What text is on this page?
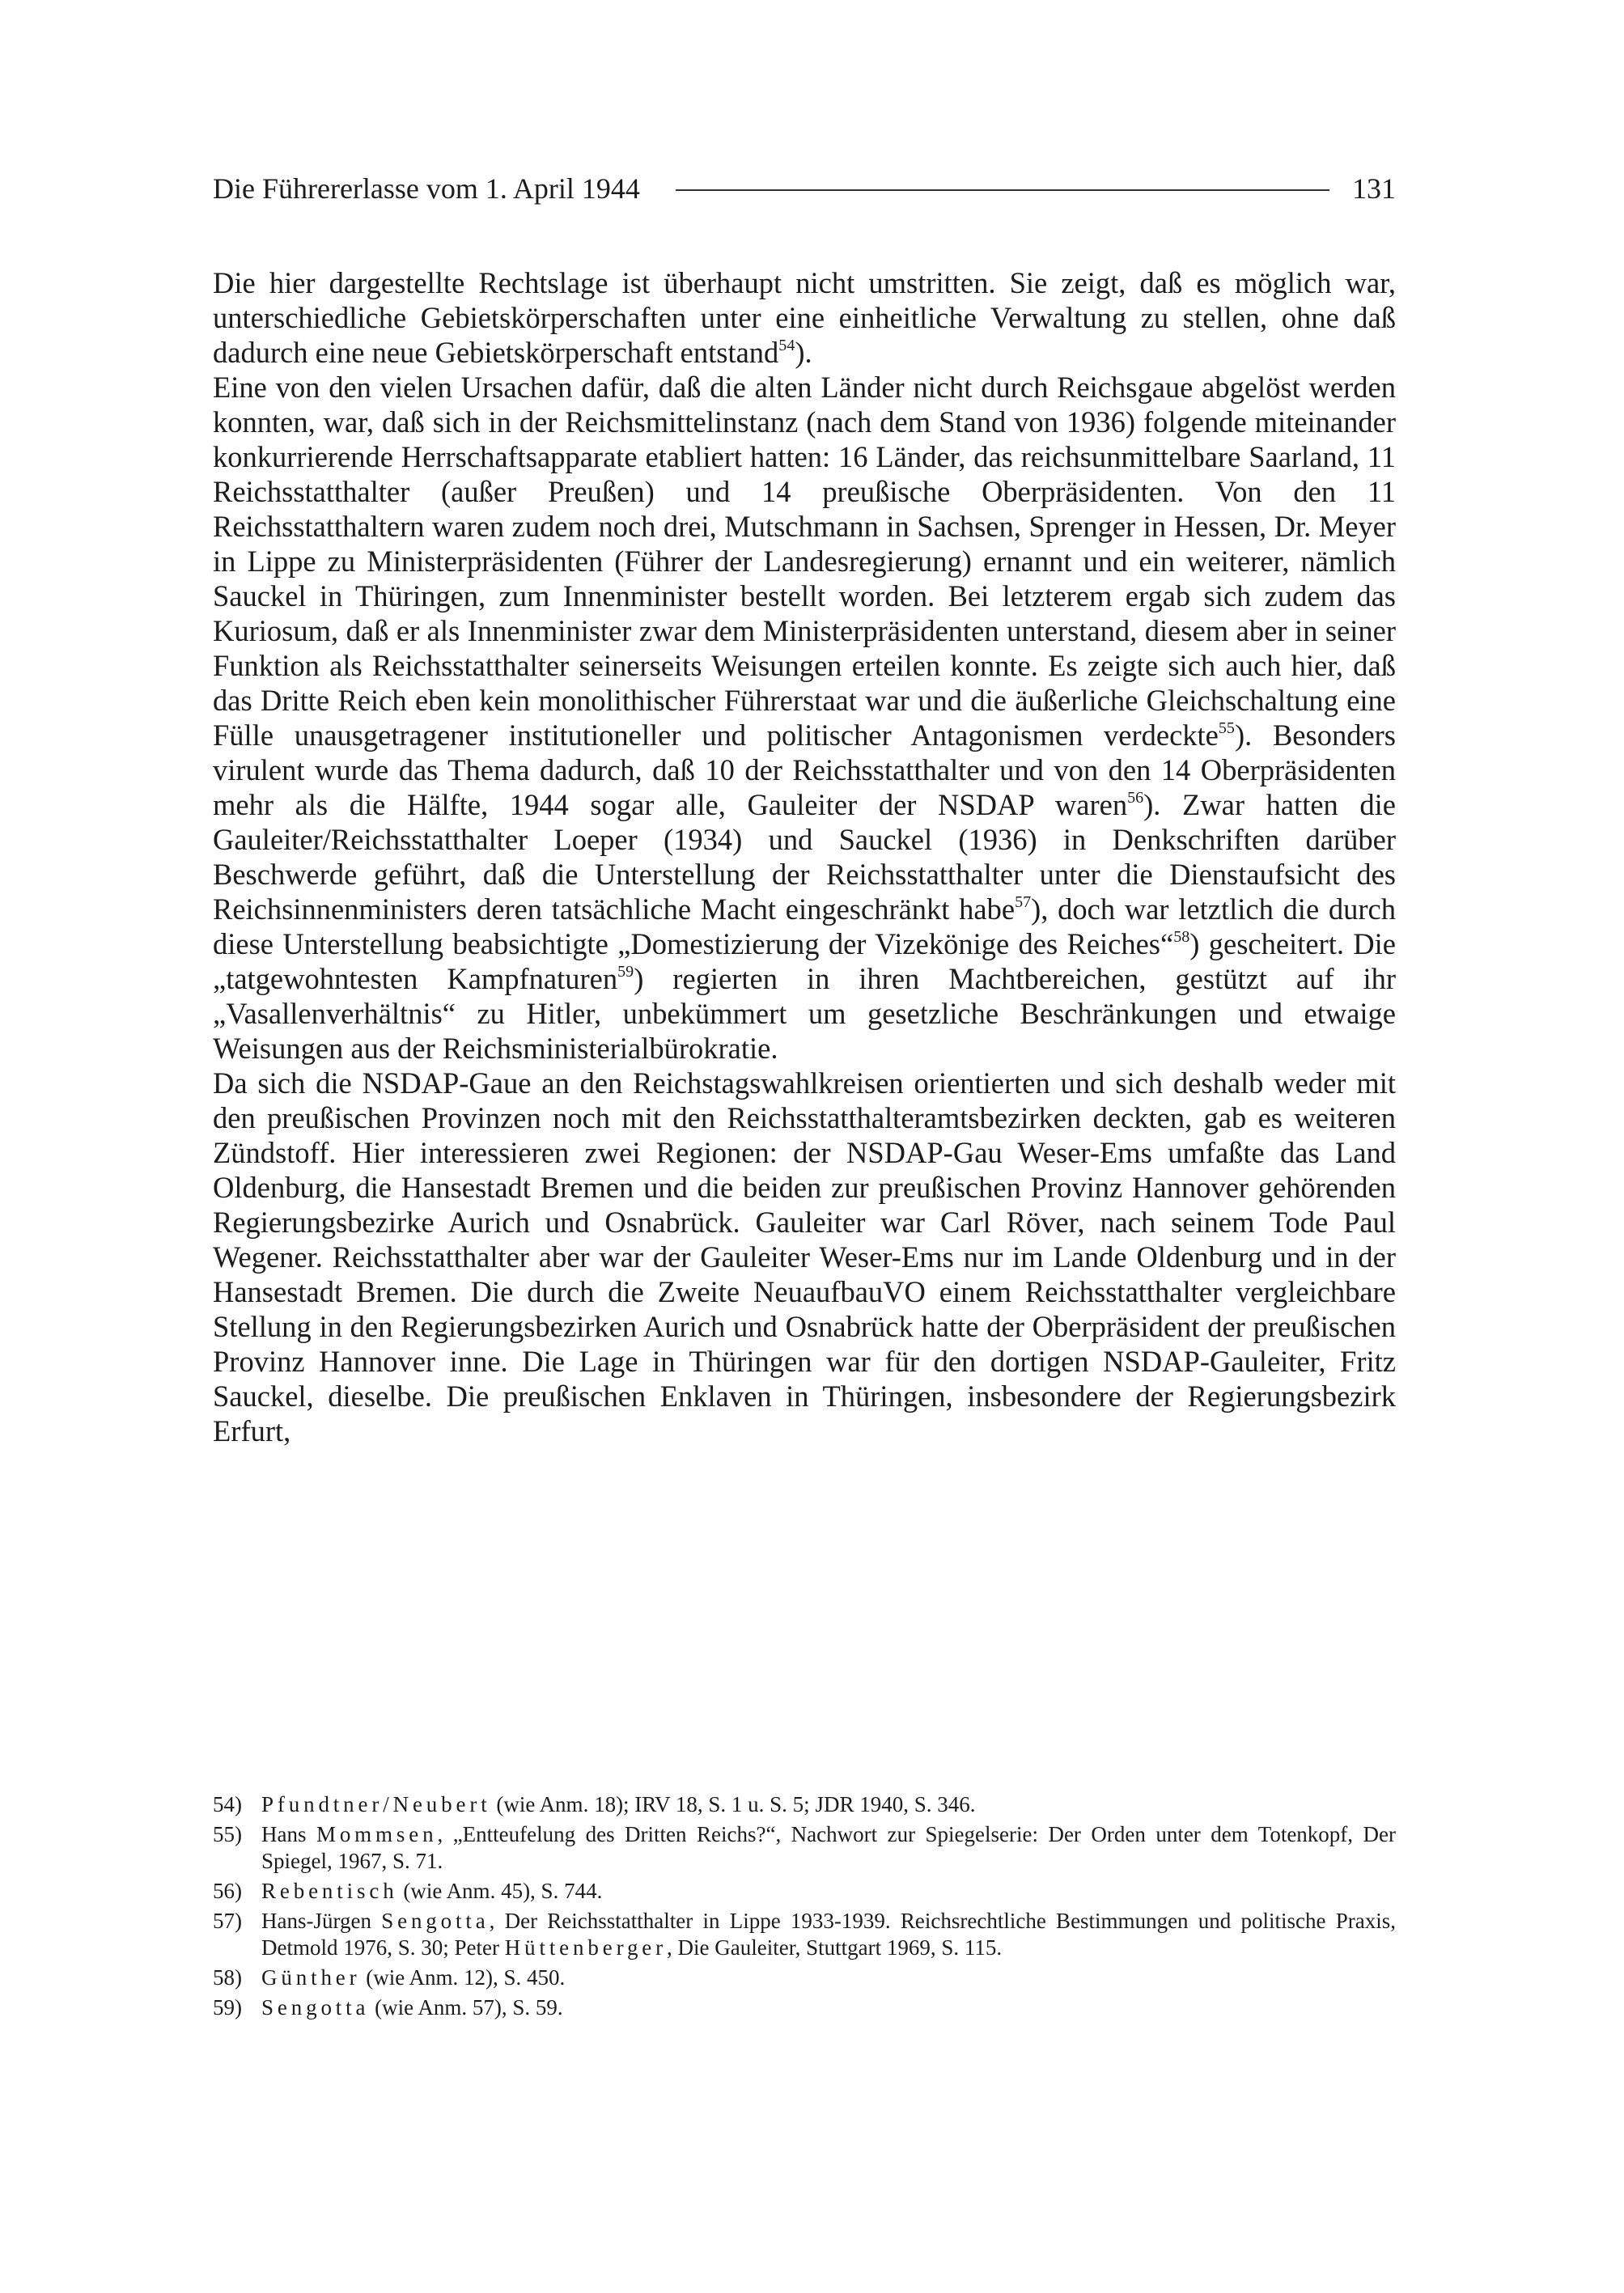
Die Führererlasse vom 1. April 1944	131

Die hier dargestellte Rechtslage ist überhaupt nicht umstritten. Sie zeigt, daß es möglich war, unterschiedliche Gebietskörperschaften unter eine einheitliche Verwaltung zu stellen, ohne daß dadurch eine neue Gebietskörperschaft entstand$^{54}$).

Eine von den vielen Ursachen dafür, daß die alten Länder nicht durch Reichsgaue abgelöst werden konnten, war, daß sich in der Reichsmittelinstanz (nach dem Stand von 1936) folgende miteinander konkurrierende Herrschaftsapparate etabliert hatten: 16 Länder, das reichsunmittelbare Saarland, 11 Reichsstatthalter (außer Preußen) und 14 preußische Oberpräsidenten. Von den 11 Reichsstatthaltern waren zudem noch drei, Mutschmann in Sachsen, Sprenger in Hessen, Dr. Meyer in Lippe zu Ministerpräsidenten (Führer der Landesregierung) ernannt und ein weiterer, nämlich Sauckel in Thüringen, zum Innenminister bestellt worden. Bei letzterem ergab sich zudem das Kuriosum, daß er als Innenminister zwar dem Ministerpräsidenten unterstand, diesem aber in seiner Funktion als Reichsstatthalter seinerseits Weisungen erteilen konnte. Es zeigte sich auch hier, daß das Dritte Reich eben kein monolithischer Führerstaat war und die äußerliche Gleichschaltung eine Fülle unausgetragener institutioneller und politischer Antagonismen verdeckte$^{55}$). Besonders virulent wurde das Thema dadurch, daß 10 der Reichsstatthalter und von den 14 Oberpräsidenten mehr als die Hälfte, 1944 sogar alle, Gauleiter der NSDAP waren$^{56}$). Zwar hatten die Gauleiter/Reichsstatthalter Loeper (1934) und Sauckel (1936) in Denkschriften darüber Beschwerde geführt, daß die Unterstellung der Reichsstatthalter unter die Dienstaufsicht des Reichsinnenministers deren tatsächliche Macht eingeschränkt habe$^{57}$), doch war letztlich die durch diese Unterstellung beabsichtigte „Domestizierung der Vizekönige des Reiches“$^{58}$) gescheitert. Die „tatgewohntesten Kampfnaturen$^{59}$) regierten in ihren Machtbereichen, gestützt auf ihr „Vasallenverhältnis“ zu Hitler, unbekümmert um gesetzliche Beschränkungen und etwaige Weisungen aus der Reichsministerialbürokratie.

Da sich die NSDAP-Gaue an den Reichstagswahlkreisen orientierten und sich deshalb weder mit den preußischen Provinzen noch mit den Reichsstatthalteramtsbezirken deckten, gab es weiteren Zündstoff. Hier interessieren zwei Regionen: der NSDAP-Gau Weser-Ems umfaßte das Land Oldenburg, die Hansestadt Bremen und die beiden zur preußischen Provinz Hannover gehörenden Regierungsbezirke Aurich und Osnabrück. Gauleiter war Carl Röver, nach seinem Tode Paul Wegener. Reichsstatthalter aber war der Gauleiter Weser-Ems nur im Lande Oldenburg und in der Hansestadt Bremen. Die durch die Zweite NeuaufbauVO einem Reichsstatthalter vergleichbare Stellung in den Regierungsbezirken Aurich und Osnabrück hatte der Oberpräsident der preußischen Provinz Hannover inne. Die Lage in Thüringen war für den dortigen NSDAP-Gauleiter, Fritz Sauckel, dieselbe. Die preußischen Enklaven in Thüringen, insbesondere der Regierungsbezirk Erfurt,

54) Pfundtner/Neubert (wie Anm. 18); IRV 18, S. 1 u. S. 5; JDR 1940, S. 346.
55) Hans Mommsen, „Entteufelung des Dritten Reichs?“, Nachwort zur Spiegelserie: Der Orden unter dem Totenkopf, Der Spiegel, 1967, S. 71.
56) Rebentisch (wie Anm. 45), S. 744.
57) Hans-Jürgen Sengotta, Der Reichsstatthalter in Lippe 1933-1939. Reichsrechtliche Bestimmungen und politische Praxis, Detmold 1976, S. 30; Peter Hüttenberger, Die Gauleiter, Stuttgart 1969, S. 115.
58) Günther (wie Anm. 12), S. 450.
59) Sengotta (wie Anm. 57), S. 59.
